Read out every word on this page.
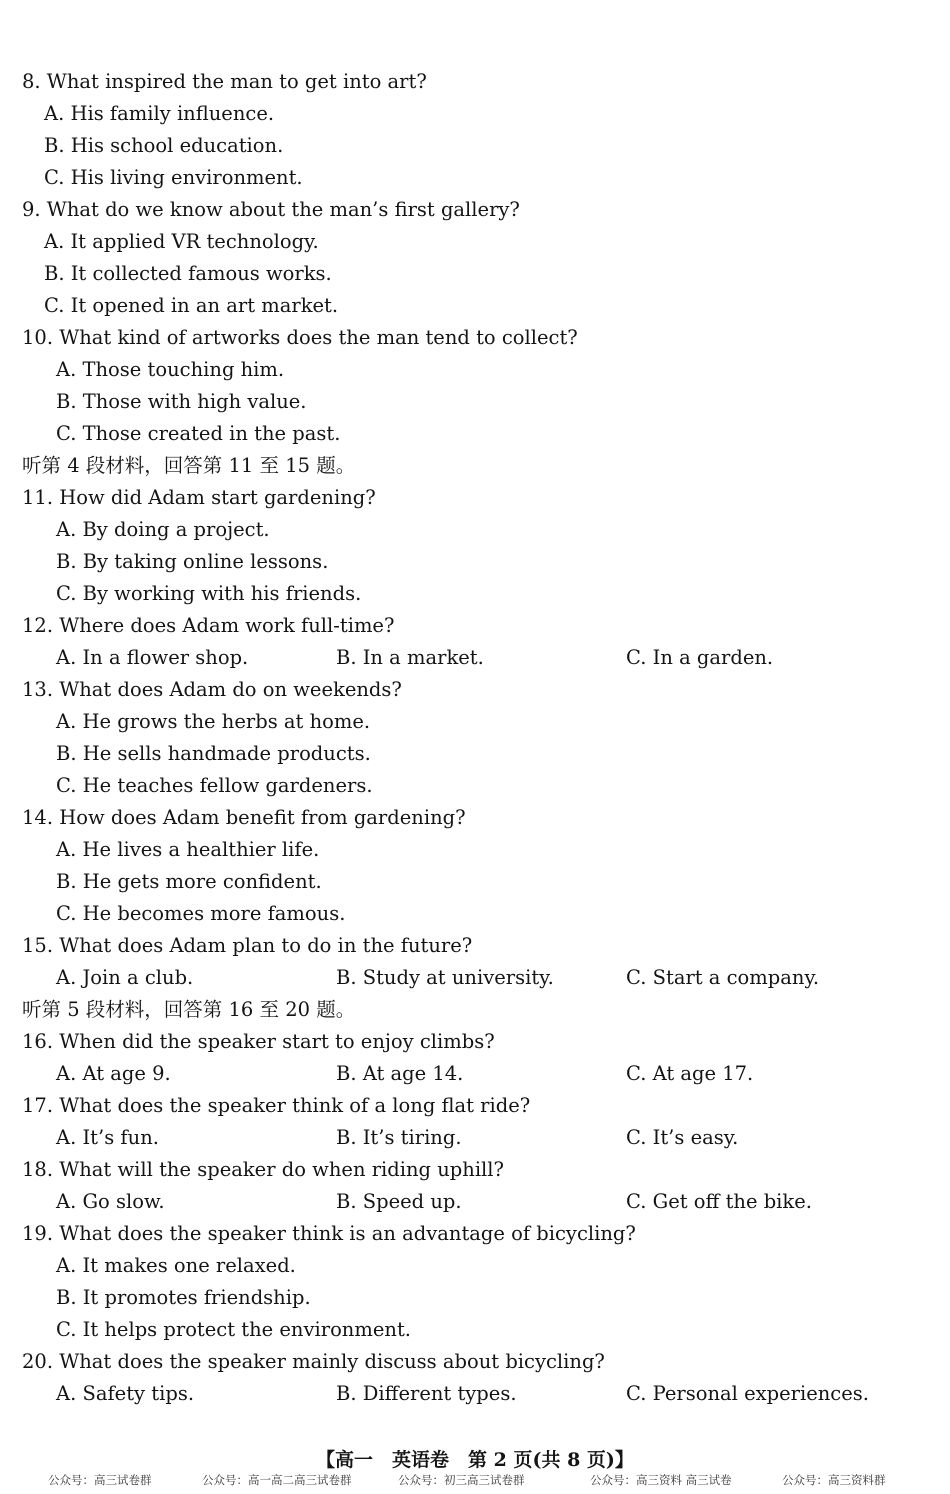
8. What inspired the man to get into art?
A. His family influence.
B. His school education.
C. His living environment.
9. What do we know about the man’s first gallery?
A. It applied VR technology.
B. It collected famous works.
C. It opened in an art market.
10. What kind of artworks does the man tend to collect?
A. Those touching him.
B. Those with high value.
C. Those created in the past.
听第 4 段材料，回答第 11 至 15 题。
11. How did Adam start gardening?
A. By doing a project.
B. By taking online lessons.
C. By working with his friends.
12. Where does Adam work full-time?
A. In a flower shop.	B. In a market.	C. In a garden.
13. What does Adam do on weekends?
A. He grows the herbs at home.
B. He sells handmade products.
C. He teaches fellow gardeners.
14. How does Adam benefit from gardening?
A. He lives a healthier life.
B. He gets more confident.
C. He becomes more famous.
15. What does Adam plan to do in the future?
A. Join a club.	B. Study at university.	C. Start a company.
听第 5 段材料，回答第 16 至 20 题。
16. When did the speaker start to enjoy climbs?
A. At age 9.	B. At age 14.	C. At age 17.
17. What does the speaker think of a long flat ride?
A. It’s fun.	B. It’s tiring.	C. It’s easy.
18. What will the speaker do when riding uphill?
A. Go slow.	B. Speed up.	C. Get off the bike.
19. What does the speaker think is an advantage of bicycling?
A. It makes one relaxed.
B. It promotes friendship.
C. It helps protect the environment.
20. What does the speaker mainly discuss about bicycling?
A. Safety tips.	B. Different types.	C. Personal experiences.
【高一　英语卷　第 2 页(共 8 页)】
公众号：高三试卷群	公众号：高一高二高三试卷群	公众号：初三高三试卷群	公众号：高三资料 高三试卷	公众号：高三资料群
